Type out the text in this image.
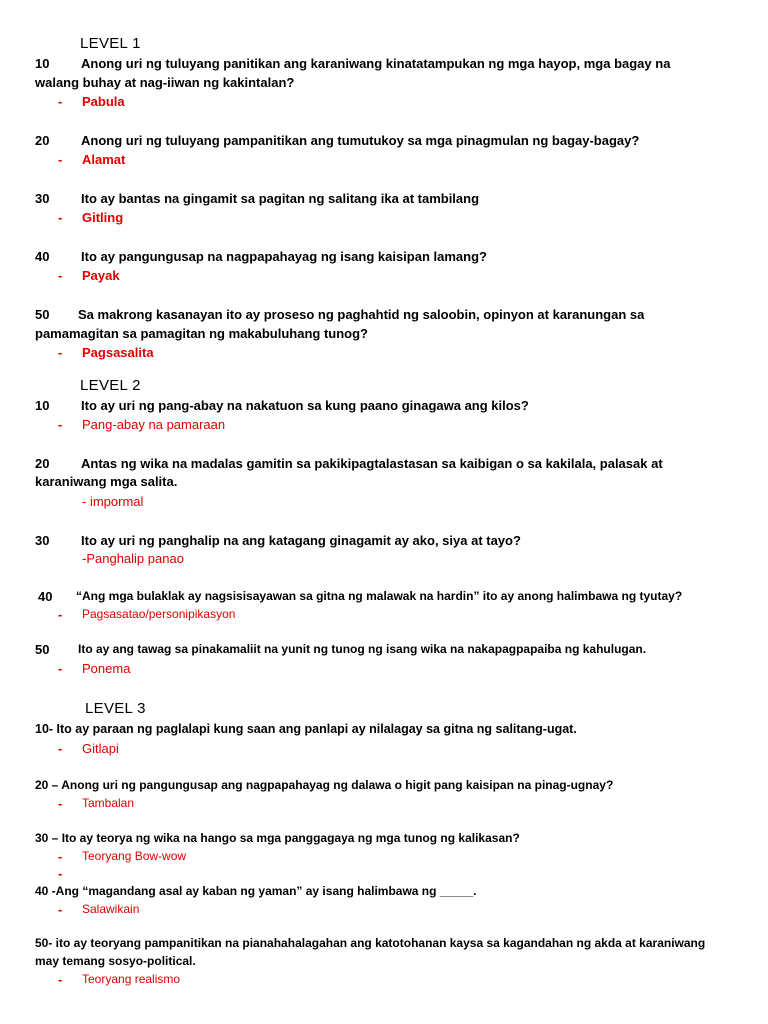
LEVEL 1
10 Anong uri ng tuluyang panitikan ang karaniwang kinatatampukan ng mga hayop, mga bagay na
walang buhay at nag-iiwan ng kakintalan?
- Pabula
20 Anong uri ng tuluyang pampanitikan ang tumutukoy sa mga pinagmulan ng bagay-bagay?
- Alamat
30 Ito ay bantas na gingamit sa pagitan ng salitang ika at tambilang
- Gitling
40 Ito ay pangungusap na nagpapahayag ng isang kaisipan lamang?
- Payak
50 Sa makrong kasanayan ito ay proseso ng paghahtid ng saloobin, opinyon at karanungan sa
pamamagitan sa pamagitan ng makabuluhang tunog?
- Pagsasalita
LEVEL 2
10 Ito ay uri ng pang-abay na nakatuon sa kung paano ginagawa ang kilos?
- Pang-abay na pamaraan
20 Antas ng wika na madalas gamitin sa pakikipagtalastasan sa kaibigan o sa kakilala, palasak at
karaniwang mga salita.
- impormal
30 Ito ay uri ng panghalip na ang katagang ginagamit ay ako, siya at tayo?
-Panghalip panao
40 “Ang mga bulaklak ay nagsisisayawan sa gitna ng malawak na hardin” ito ay anong halimbawa ng tyutay?
- Pagsasatao/personipikasyon
50 Ito ay ang tawag sa pinakamaliit na yunit ng tunog ng isang wika na nakapagpapaiba ng kahulugan.
- Ponema
LEVEL 3
10- Ito ay paraan ng paglalapi kung saan ang panlapi ay nilalagay sa gitna ng salitang-ugat.
- Gitlapi
20 – Anong uri ng pangungusap ang nagpapahayag ng dalawa o higit pang kaisipan na pinag-ugnay?
- Tambalan
30 – Ito ay teorya ng wika na hango sa mga panggagaya ng mga tunog ng kalikasan?
- Teoryang Bow-wow
-
40 -Ang “magandang asal ay kaban ng yaman” ay isang halimbawa ng _____.
- Salawikain
50- ito ay teoryang pampanitikan na pianahahalagahan ang katotohanan kaysa sa kagandahan ng akda at karaniwang
may temang sosyo-political.
- Teoryang realismo
